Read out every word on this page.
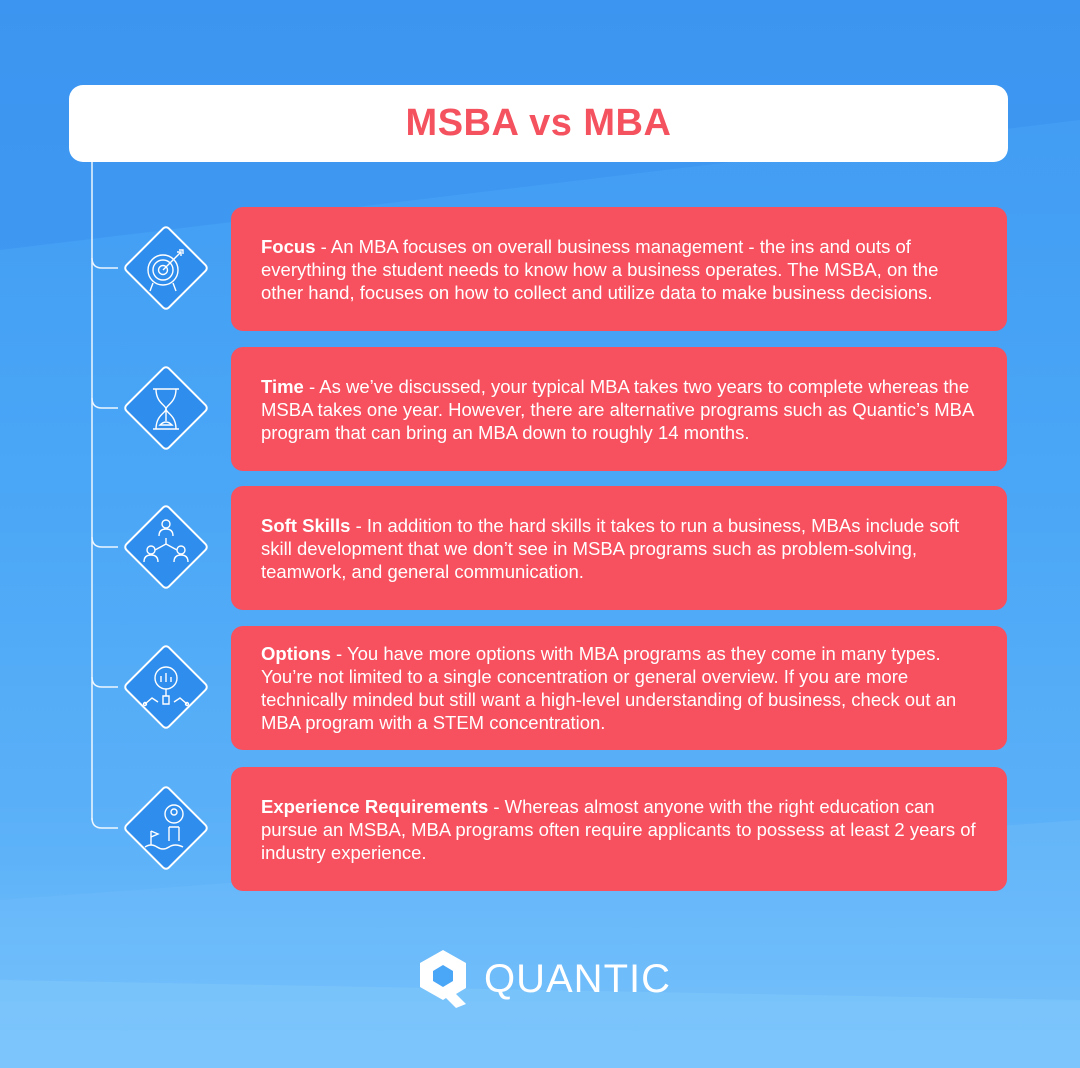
MSBA vs MBA

Focus - An MBA focuses on overall business management - the ins and outs of everything the student needs to know how a business operates. The MSBA, on the other hand, focuses on how to collect and utilize data to make business decisions.

Time - As we’ve discussed, your typical MBA takes two years to complete whereas the MSBA takes one year. However, there are alternative programs such as Quantic’s MBA program that can bring an MBA down to roughly 14 months.

Soft Skills - In addition to the hard skills it takes to run a business, MBAs include soft skill development that we don’t see in MSBA programs such as problem-solving, teamwork, and general communication.

Options - You have more options with MBA programs as they come in many types. You’re not limited to a single concentration or general overview. If you are more technically minded but still want a high-level understanding of business, check out an MBA program with a STEM concentration.

Experience Requirements - Whereas almost anyone with the right education can pursue an MSBA, MBA programs often require applicants to possess at least 2 years of industry experience.

QUANTIC
